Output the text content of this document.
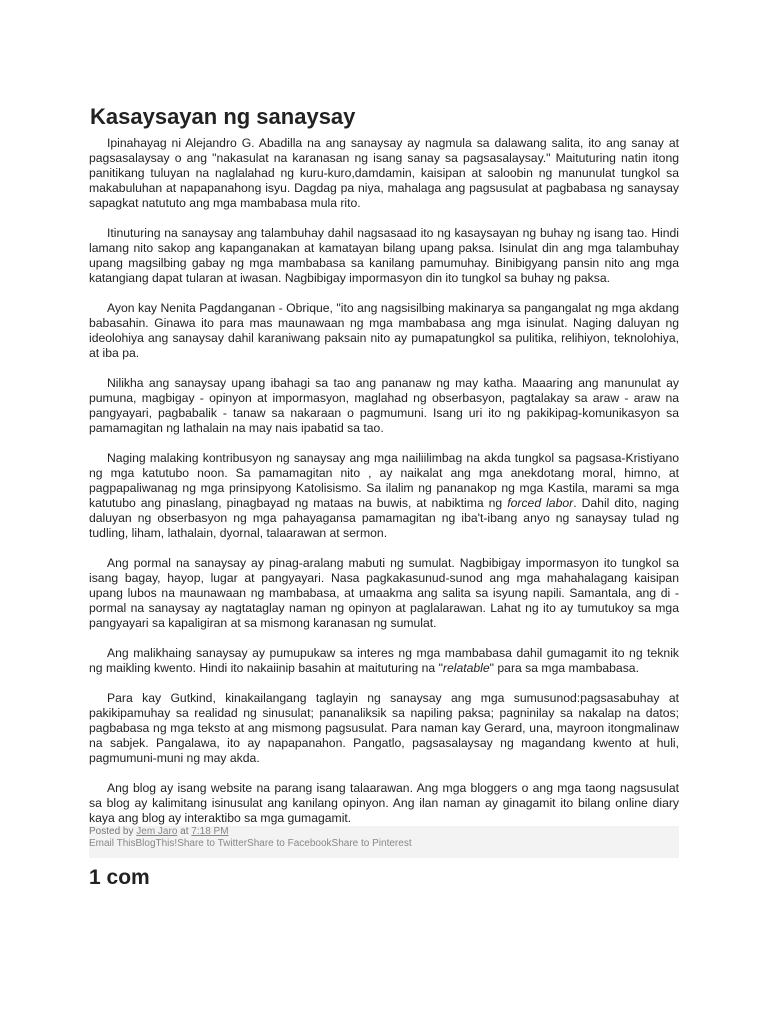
Kasaysayan ng sanaysay

Ipinahayag ni Alejandro G. Abadilla na ang sanaysay ay nagmula sa dalawang salita, ito ang sanay at pagsasalaysay o ang "nakasulat na karanasan ng isang sanay sa pagsasalaysay." Maituturing natin itong panitikang tuluyan na naglalahad ng kuru-kuro,damdamin, kaisipan at saloobin ng manunulat tungkol sa makabuluhan at napapanahong isyu. Dagdag pa niya, mahalaga ang pagsusulat at pagbabasa ng sanaysay sapagkat natututo ang mga mambabasa mula rito.

Itinuturing na sanaysay ang talambuhay dahil nagsasaad ito ng kasaysayan ng buhay ng isang tao. Hindi lamang nito sakop ang kapanganakan at kamatayan bilang upang paksa. Isinulat din ang mga talambuhay upang magsilbing gabay ng mga mambabasa sa kanilang pamumuhay. Binibigyang pansin nito ang mga katangiang dapat tularan at iwasan. Nagbibigay impormasyon din ito tungkol sa buhay ng paksa.

Ayon kay Nenita Pagdanganan - Obrique, "ito ang nagsisilbing makinarya sa pangangalat ng mga akdang babasahin. Ginawa ito para mas maunawaan ng mga mambabasa ang mga isinulat. Naging daluyan ng ideolohiya ang sanaysay dahil karaniwang paksain nito ay pumapatungkol sa pulitika, relihiyon, teknolohiya, at iba pa.

Nilikha ang sanaysay upang ibahagi sa tao ang pananaw ng may katha. Maaaring ang manunulat ay pumuna, magbigay - opinyon at impormasyon, maglahad ng obserbasyon, pagtalakay sa araw - araw na pangyayari, pagbabalik - tanaw sa nakaraan o pagmumuni. Isang uri ito ng pakikipag-komunikasyon sa pamamagitan ng lathalain na may nais ipabatid sa tao.

Naging malaking kontribusyon ng sanaysay ang mga nailiilimbag na akda tungkol sa pagsasa-Kristiyano ng mga katutubo noon. Sa pamamagitan nito , ay naikalat ang mga anekdotang moral, himno, at pagpapaliwanag ng mga prinsipyong Katolisismo. Sa ilalim ng pananakop ng mga Kastila, marami sa mga katutubo ang pinaslang, pinagbayad ng mataas na buwis, at nabiktima ng forced labor. Dahil dito, naging daluyan ng obserbasyon ng mga pahayagansa pamamagitan ng iba't-ibang anyo ng sanaysay tulad ng tudling, liham, lathalain, dyornal, talaarawan at sermon.

Ang pormal na sanaysay ay pinag-aralang mabuti ng sumulat. Nagbibigay impormasyon ito tungkol sa isang bagay, hayop, lugar at pangyayari. Nasa pagkakasunud-sunod ang mga mahahalagang kaisipan upang lubos na maunawaan ng mambabasa, at umaakma ang salita sa isyung napili. Samantala, ang di - pormal na sanaysay ay nagtataglay naman ng opinyon at paglalarawan. Lahat ng ito ay tumutukoy sa mga pangyayari sa kapaligiran at sa mismong karanasan ng sumulat.

Ang malikhaing sanaysay ay pumupukaw sa interes ng mga mambabasa dahil gumagamit ito ng teknik ng maikling kwento. Hindi ito nakaiinip basahin at maituturing na "relatable" para sa mga mambabasa.

Para kay Gutkind, kinakailangang taglayin ng sanaysay ang mga sumusunod:pagsasabuhay at pakikipamuhay sa realidad ng sinusulat; pananaliksik sa napiling paksa; pagninilay sa nakalap na datos; pagbabasa ng mga teksto at ang mismong pagsusulat. Para naman kay Gerard, una, mayroon itongmalinaw na sabjek. Pangalawa, ito ay napapanahon. Pangatlo, pagsasalaysay ng magandang kwento at huli, pagmumuni-muni ng may akda.

Ang blog ay isang website na parang isang talaarawan. Ang mga bloggers o ang mga taong nagsusulat sa blog ay kalimitang isinusulat ang kanilang opinyon. Ang ilan naman ay ginagamit ito bilang online diary kaya ang blog ay interaktibo sa mga gumagamit.

Posted by Jem Jaro at 7:18 PM
Email ThisBlogThis!Share to TwitterShare to FacebookShare to Pinterest
1 com
